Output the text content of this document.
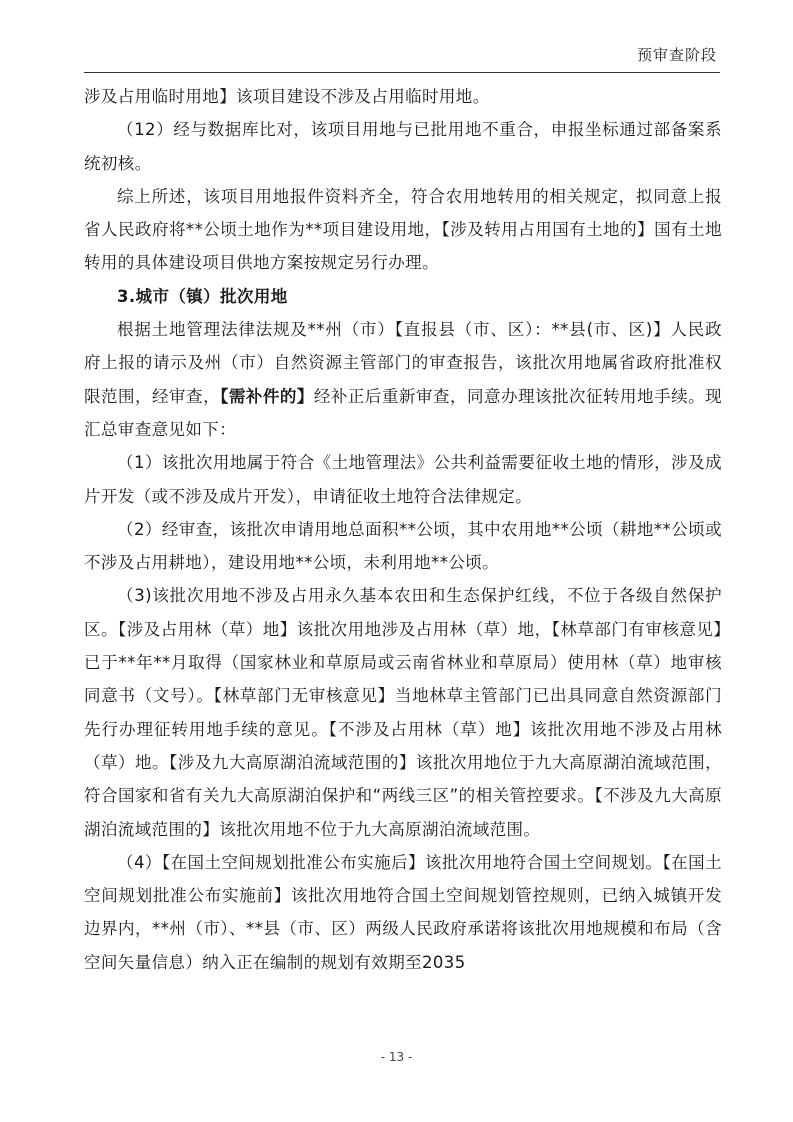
预审查阶段

涉及占用临时用地】该项目建设不涉及占用临时用地。

（12）经与数据库比对，该项目用地与已批用地不重合，申报坐标通过部备案系统初核。

综上所述，该项目用地报件资料齐全，符合农用地转用的相关规定，拟同意上报省人民政府将**公顷土地作为**项目建设用地，【涉及转用占用国有土地的】国有土地转用的具体建设项目供地方案按规定另行办理。

3.城市（镇）批次用地

根据土地管理法律法规及**州（市）【直报县（市、区）：**县(市、区)】人民政府上报的请示及州（市）自然资源主管部门的审查报告，该批次用地属省政府批准权限范围，经审查，【需补件的】经补正后重新审查，同意办理该批次征转用地手续。现汇总审查意见如下：

（1）该批次用地属于符合《土地管理法》公共利益需要征收土地的情形，涉及成片开发（或不涉及成片开发），申请征收土地符合法律规定。

（2）经审查，该批次申请用地总面积**公顷，其中农用地**公顷（耕地**公顷或不涉及占用耕地），建设用地**公顷，未利用地**公顷。

（3)该批次用地不涉及占用永久基本农田和生态保护红线，不位于各级自然保护区。【涉及占用林（草）地】该批次用地涉及占用林（草）地，【林草部门有审核意见】已于**年**月取得（国家林业和草原局或云南省林业和草原局）使用林（草）地审核同意书（文号）。【林草部门无审核意见】当地林草主管部门已出具同意自然资源部门先行办理征转用地手续的意见。【不涉及占用林（草）地】该批次用地不涉及占用林（草）地。【涉及九大高原湖泊流域范围的】该批次用地位于九大高原湖泊流域范围，符合国家和省有关九大高原湖泊保护和“两线三区”的相关管控要求。【不涉及九大高原湖泊流域范围的】该批次用地不位于九大高原湖泊流域范围。

（4）【在国土空间规划批准公布实施后】该批次用地符合国土空间规划。【在国土空间规划批准公布实施前】该批次用地符合国土空间规划管控规则，已纳入城镇开发边界内，**州（市）、**县（市、区）两级人民政府承诺将该批次用地规模和布局（含空间矢量信息）纳入正在编制的规划有效期至2035

- 13 -
